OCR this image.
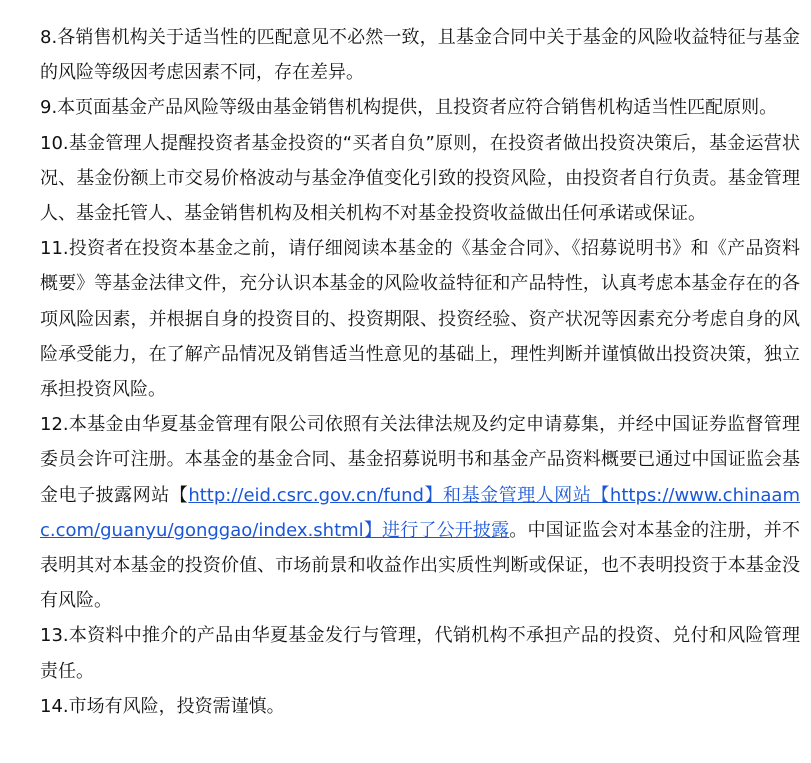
8.各销售机构关于适当性的匹配意见不必然一致，且基金合同中关于基金的风险收益特征与基金的风险等级因考虑因素不同，存在差异。

9.本页面基金产品风险等级由基金销售机构提供，且投资者应符合销售机构适当性匹配原则。

10.基金管理人提醒投资者基金投资的“买者自负”原则，在投资者做出投资决策后，基金运营状况、基金份额上市交易价格波动与基金净值变化引致的投资风险，由投资者自行负责。基金管理人、基金托管人、基金销售机构及相关机构不对基金投资收益做出任何承诺或保证。

11.投资者在投资本基金之前，请仔细阅读本基金的《基金合同》、《招募说明书》和《产品资料概要》等基金法律文件，充分认识本基金的风险收益特征和产品特性，认真考虑本基金存在的各项风险因素，并根据自身的投资目的、投资期限、投资经验、资产状况等因素充分考虑自身的风险承受能力，在了解产品情况及销售适当性意见的基础上，理性判断并谨慎做出投资决策，独立承担投资风险。

12.本基金由华夏基金管理有限公司依照有关法律法规及约定申请募集，并经中国证券监督管理委员会许可注册。本基金的基金合同、基金招募说明书和基金产品资料概要已通过中国证监会基金电子披露网站【http://eid.csrc.gov.cn/fund】和基金管理人网站【https://www.chinaamc.com/guanyu/gonggao/index.shtml】进行了公开披露。中国证监会对本基金的注册，并不表明其对本基金的投资价值、市场前景和收益作出实质性判断或保证，也不表明投资于本基金没有风险。

13.本资料中推介的产品由华夏基金发行与管理，代销机构不承担产品的投资、兑付和风险管理责任。

14.市场有风险，投资需谨慎。
